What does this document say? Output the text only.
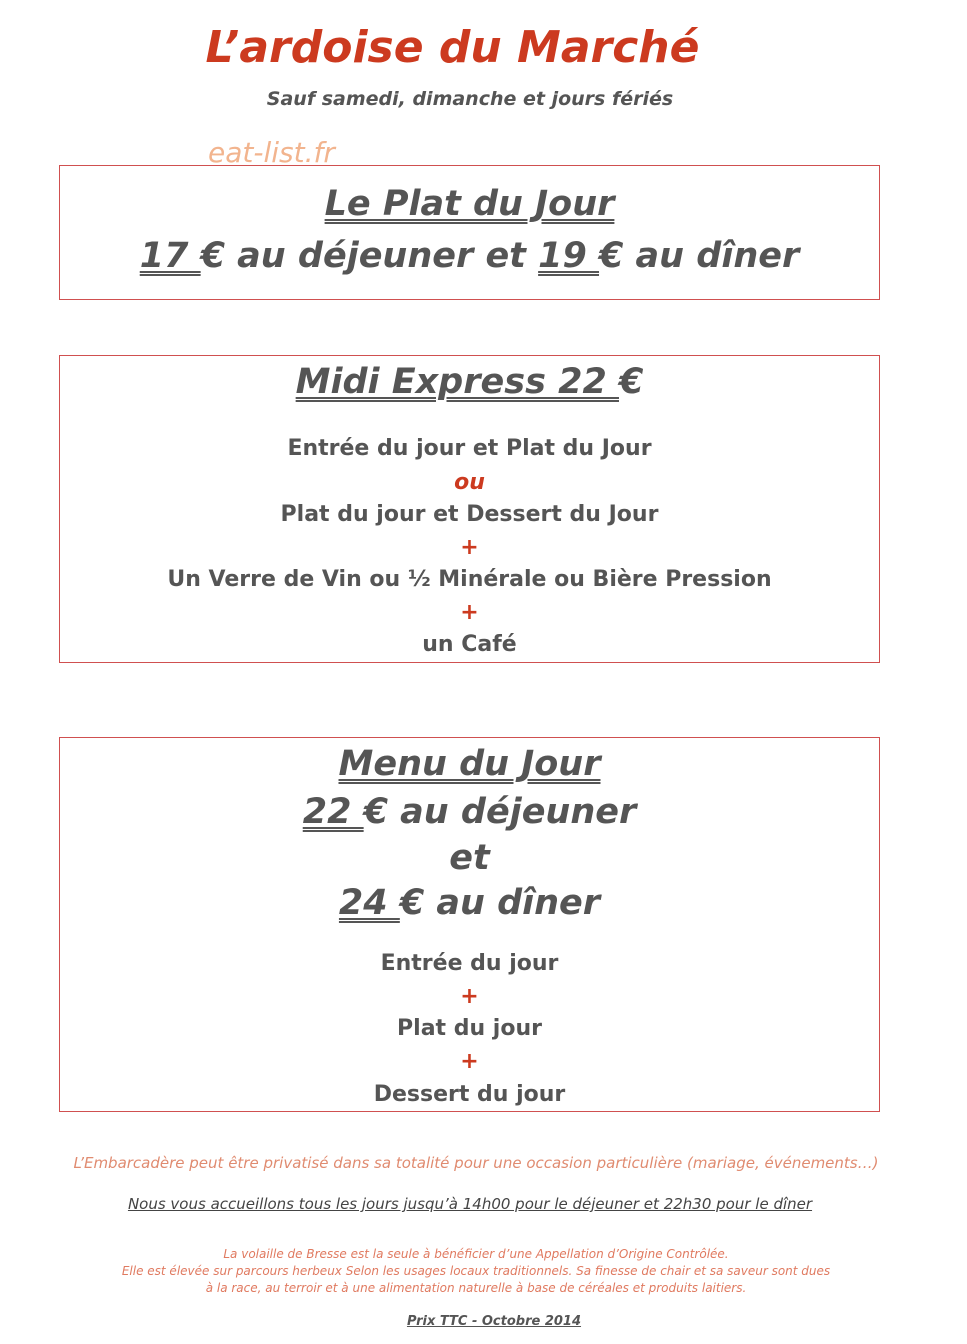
L’ardoise du Marché
Sauf samedi, dimanche et jours fériés
eat-list.fr
Le Plat du Jour
17 € au déjeuner et 19 € au dîner
Midi Express 22 €
Entrée du jour et Plat du Jour
ou
Plat du jour et Dessert du Jour
+
Un Verre de Vin ou ½ Minérale ou Bière Pression
+
un Café
Menu du Jour
22 € au déjeuner
et
24 € au dîner
Entrée du jour
+
Plat du jour
+
Dessert du jour
L’Embarcadère peut être privatisé dans sa totalité pour une occasion particulière (mariage, événements…)
Nous vous accueillons tous les jours jusqu’à 14h00 pour le déjeuner et 22h30 pour le dîner
La volaille de Bresse est la seule à bénéficier d’une Appellation d’Origine Contrôlée.
Elle est élevée sur parcours herbeux Selon les usages locaux traditionnels. Sa finesse de chair et sa saveur sont dues
à la race, au terroir et à une alimentation naturelle à base de céréales et produits laitiers.
Prix TTC - Octobre 2014
